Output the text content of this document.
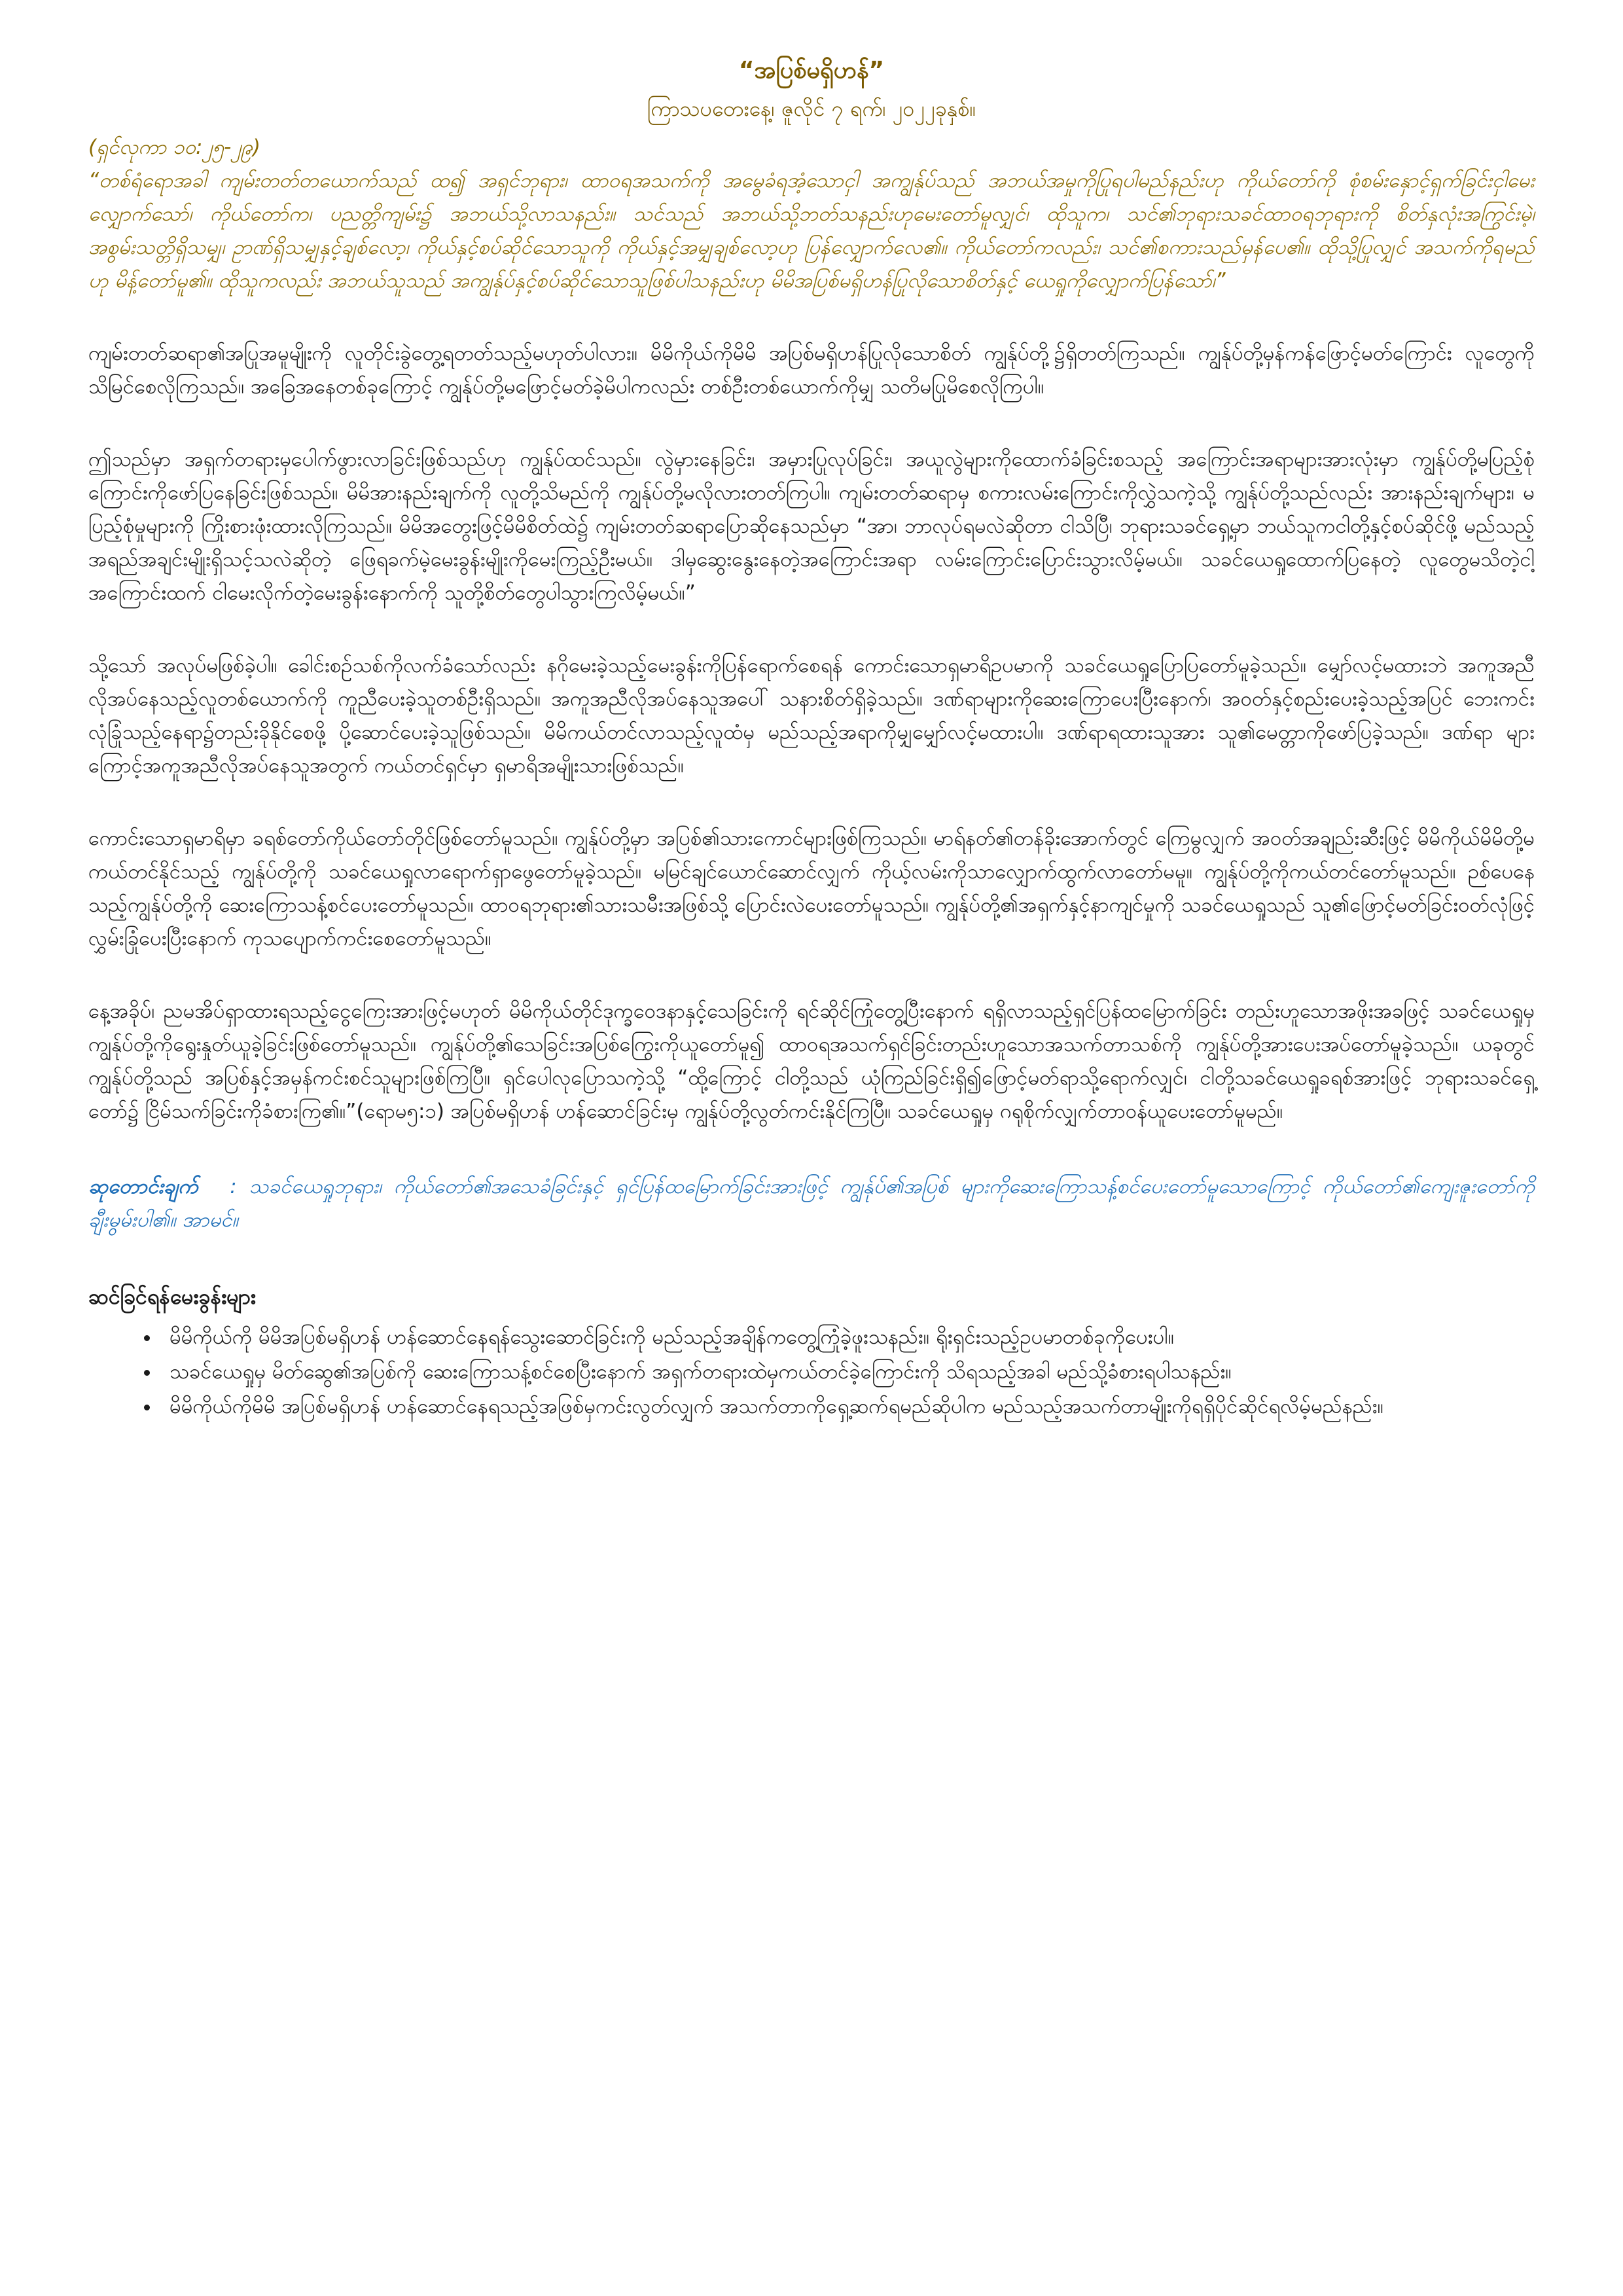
“အပြစ်မရှိဟန်”

ကြာသပတေးနေ့၊ ဇူလိုင် ၇ ရက်၊ ၂၀၂၂ခုနှစ်။

(ရှင်လုကာ ၁၀:၂၅-၂၉)

“တစ်ရံရောအခါ ကျမ်းတတ်တယောက်သည် ထ၍ အရှင်ဘုရား၊ ထာဝရအသက်ကို အမွေခံရအံ့သောငှါ အကျွန်ုပ်သည် အဘယ်အမှုကိုပြုရပါမည်နည်းဟု ကိုယ်တော်ကို စုံစမ်းနှောင့်ရှက်ခြင်းငှါမေးလျှောက်သော်၊ ကိုယ်တော်က၊ ပညတ္တိကျမ်း၌ အဘယ်သို့လာသနည်း။ သင်သည် အဘယ်သို့ဘတ်သနည်းဟုမေးတော်မူလျှင်၊ ထိုသူက၊ သင်၏ဘုရားသခင်ထာဝရဘုရားကို စိတ်နှလုံးအကြွင်းမဲ့၊ အစွမ်းသတ္တိရှိသမျှ၊ ဥာဏ်ရှိသမျှနှင့်ချစ်လော့၊ ကိုယ်နှင့်စပ်ဆိုင်သောသူကို ကိုယ်နှင့်အမျှချစ်လော့ဟု ပြန်လျှောက်လေ၏။ ကိုယ်တော်ကလည်း၊ သင်၏စကားသည်မှန်ပေ၏။ ထိုသို့ပြုလျှင် အသက်ကိုရမည်ဟု မိန့်တော်မူ၏။ ထိုသူကလည်း အဘယ်သူသည် အကျွန်ုပ်နှင့်စပ်ဆိုင်သောသူဖြစ်ပါသနည်းဟု မိမိအပြစ်မရှိဟန်ပြုလိုသောစိတ်နှင့် ယေရှုကိုလျှောက်ပြန်သော်၊”

ကျမ်းတတ်ဆရာ၏အပြုအမူမျိုးကို လူတိုင်းခွဲတွေ့ရတတ်သည့်မဟုတ်ပါလား။ မိမိကိုယ်ကိုမိမိ အပြစ်မရှိဟန်ပြုလိုသောစိတ် ကျွန်ုပ်တို့၌ရှိတတ်ကြသည်။ ကျွန်ုပ်တို့မှန်ကန်ဖြောင့်မတ်ကြောင်း လူတွေကိုသိမြင်စေလိုကြသည်။ အခြေအနေတစ်ခုကြောင့် ကျွန်ုပ်တို့မဖြောင့်မတ်ခဲ့မိပါကလည်း တစ်ဦးတစ်ယောက်ကိုမျှ သတိမပြုမိစေလိုကြပါ။

ဤသည်မှာ အရှက်တရားမှပေါက်ဖွားလာခြင်းဖြစ်သည်ဟု ကျွန်ုပ်ထင်သည်။ လွဲမှားနေခြင်း၊ အမှားပြုလုပ်ခြင်း၊ အယူလွဲများကိုထောက်ခံခြင်းစသည့် အကြောင်းအရာများအားလုံးမှာ ကျွန်ုပ်တို့မပြည့်စုံကြောင်းကိုဖော်ပြနေခြင်းဖြစ်သည်။ မိမိအားနည်းချက်ကို လူတို့သိမည်ကို ကျွန်ုပ်တို့မလိုလားတတ်ကြပါ။ ကျမ်းတတ်ဆရာမှ စကားလမ်းကြောင်းကိုလွှဲသကဲ့သို့ ကျွန်ုပ်တို့သည်လည်း အားနည်းချက်များ၊ မပြည့်စုံမှုများကို ကြိုးစားဖုံးထားလိုကြသည်။ မိမိအတွေးဖြင့်မိမိစိတ်ထဲ၌ ကျမ်းတတ်ဆရာပြောဆိုနေသည်မှာ “အာ၊ ဘာလုပ်ရမလဲဆိုတာ ငါသိပြီ၊ ဘုရားသခင်ရှေ့မှာ ဘယ်သူကငါတို့နှင့်စပ်ဆိုင်ဖို့ မည်သည့်အရည်အချင်းမျိုးရှိသင့်သလဲဆိုတဲ့ ဖြေရခက်မဲ့မေးခွန်းမျိုးကိုမေးကြည့်ဦးမယ်။ ဒါမှဆွေးနွေးနေတဲ့အကြောင်းအရာ လမ်းကြောင်းပြောင်းသွားလိမ့်မယ်။ သခင်ယေရှုထောက်ပြနေတဲ့ လူတွေမသိတဲ့ငါ့အကြောင်းထက် ငါမေးလိုက်တဲ့မေးခွန်းနောက်ကို သူတို့စိတ်တွေပါသွားကြလိမ့်မယ်။”

သို့သော် အလုပ်မဖြစ်ခဲ့ပါ။ ခေါင်းစဉ်သစ်ကိုလက်ခံသော်လည်း နဂိုမေးခဲ့သည့်မေးခွန်းကိုပြန်ရောက်စေရန် ကောင်းသောရှမာရိဥပမာကို သခင်ယေရှုပြောပြတော်မူခဲ့သည်။ မျှော်လင့်မထားဘဲ အကူအညီလိုအပ်နေသည့်လူတစ်ယောက်ကို ကူညီပေးခဲ့သူတစ်ဦးရှိသည်။ အကူအညီလိုအပ်နေသူအပေါ် သနားစိတ်ရှိခဲ့သည်။ ဒဏ်ရာများကိုဆေးကြောပေးပြီးနောက်၊ အဝတ်နှင့်စည်းပေးခဲ့သည့်အပြင် ဘေးကင်းလုံခြုံသည့်နေရာ၌တည်းခိုနိုင်စေဖို့ ပို့ဆောင်ပေးခဲ့သူဖြစ်သည်။ မိမိကယ်တင်လာသည့်လူထံမှ မည်သည့်အရာကိုမျှမျှော်လင့်မထားပါ။ ဒဏ်ရာရထားသူအား သူ၏မေတ္တာကိုဖော်ပြခဲ့သည်။ ဒဏ်ရာ များကြောင့်အကူအညီလိုအပ်နေသူအတွက် ကယ်တင်ရှင်မှာ ရှမာရိအမျိုးသားဖြစ်သည်။

ကောင်းသောရှမာရိမှာ ခရစ်တော်ကိုယ်တော်တိုင်ဖြစ်တော်မူသည်။ ကျွန်ုပ်တို့မှာ အပြစ်၏သားကောင်များဖြစ်ကြသည်။ မာရ်နတ်၏တန်ခိုးအောက်တွင် ကြေမွလျှက် အဝတ်အချည်းဆီးဖြင့် မိမိကိုယ်မိမိတို့မကယ်တင်နိုင်သည့် ကျွန်ုပ်တို့ကို သခင်ယေရှုလာရောက်ရှာဖွေတော်မူခဲ့သည်။ မမြင်ချင်ယောင်ဆောင်လျှက် ကိုယ့်လမ်းကိုသာလျှောက်ထွက်လာတော်မမူ။ ကျွန်ုပ်တို့ကိုကယ်တင်တော်မူသည်။ ဉစ်ပေနေသည့်ကျွန်ုပ်တို့ကို ဆေးကြောသန့်စင်ပေးတော်မူသည်။ ထာဝရဘုရား၏သားသမီးအဖြစ်သို့ ပြောင်းလဲပေးတော်မူသည်။ ကျွန်ုပ်တို့၏အရှက်နှင့်နာကျင်မှုကို သခင်ယေရှုသည် သူ၏ဖြောင့်မတ်ခြင်းဝတ်လုံဖြင့် လွှမ်းခြုံပေးပြီးနောက် ကုသပျောက်ကင်းစေတော်မူသည်။

နေ့အခိုပ်၊ ညမအိပ်ရှာထားရသည့်ငွေကြေးအားဖြင့်မဟုတ် မိမိကိုယ်တိုင်ဒုက္ခဝေဒနာနှင့်သေခြင်းကို ရင်ဆိုင်ကြုံတွေ့ပြီးနောက် ရရှိလာသည့်ရှင်ပြန်ထမြောက်ခြင်း တည်းဟူသောအဖိုးအခဖြင့် သခင်ယေရှုမှ ကျွန်ုပ်တို့ကိုရွေးနှုတ်ယူခဲ့ခြင်းဖြစ်တော်မူသည်။ ကျွန်ုပ်တို့၏သေခြင်းအပြစ်ကြွေးကိုယူတော်မူ၍ ထာဝရအသက်ရှင်ခြင်းတည်းဟူသောအသက်တာသစ်ကို ကျွန်ုပ်တို့အားပေးအပ်တော်မူခဲ့သည်။ ယခုတွင် ကျွန်ုပ်တို့သည် အပြစ်နှင့်အမှန်ကင်းစင်သူများဖြစ်ကြပြီ။ ရှင်ပေါလုပြောသကဲ့သို့ “ထို့ကြောင့် ငါတို့သည် ယုံကြည်ခြင်းရှိ၍ဖြောင့်မတ်ရာသို့ရောက်လျှင်၊ ငါတို့သခင်ယေရှုခရစ်အားဖြင့် ဘုရားသခင်ရှေ့တော်၌ ငြိမ်သက်ခြင်းကိုခံစားကြ၏။”(ရောမ၅:၁) အပြစ်မရှိဟန် ဟန်ဆောင်ခြင်းမှ ကျွန်ုပ်တို့လွတ်ကင်းနိုင်ကြပြီ။ သခင်ယေရှုမှ ဂရုစိုက်လျှက်တာဝန်ယူပေးတော်မူမည်။

ဆုတောင်းချက် : သခင်ယေရှုဘုရား၊ ကိုယ်တော်၏အသေခံခြင်းနှင့် ရှင်ပြန်ထမြောက်ခြင်းအားဖြင့် ကျွန်ုပ်၏အပြစ် များကိုဆေးကြောသန့်စင်ပေးတော်မူသောကြောင့် ကိုယ်တော်၏ကျေးဇူးတော်ကိုချီးမွမ်းပါ၏။ အာမင်။

ဆင်ခြင်ရန်မေးခွန်းများ
• မိမိကိုယ်ကို မိမိအပြစ်မရှိဟန် ဟန်ဆောင်နေရန်သွေးဆောင်ခြင်းကို မည်သည့်အချိန်ကတွေ့ကြုံခဲ့ဖူးသနည်း။ ရိုးရှင်းသည့်ဥပမာတစ်ခုကိုပေးပါ။
• သခင်ယေရှုမှ မိတ်ဆွေ၏အပြစ်ကို ဆေးကြောသန့်စင်စေပြီးနောက် အရှက်တရားထဲမှကယ်တင်ခဲ့ကြောင်းကို သိရသည့်အခါ မည်သို့ခံစားရပါသနည်း။
• မိမိကိုယ်ကိုမိမိ အပြစ်မရှိဟန် ဟန်ဆောင်နေရသည့်အဖြစ်မှကင်းလွတ်လျှက် အသက်တာကိုရှေ့ဆက်ရမည်ဆိုပါက မည်သည့်အသက်တာမျိုးကိုရရှိပိုင်ဆိုင်ရလိမ့်မည်နည်း။
